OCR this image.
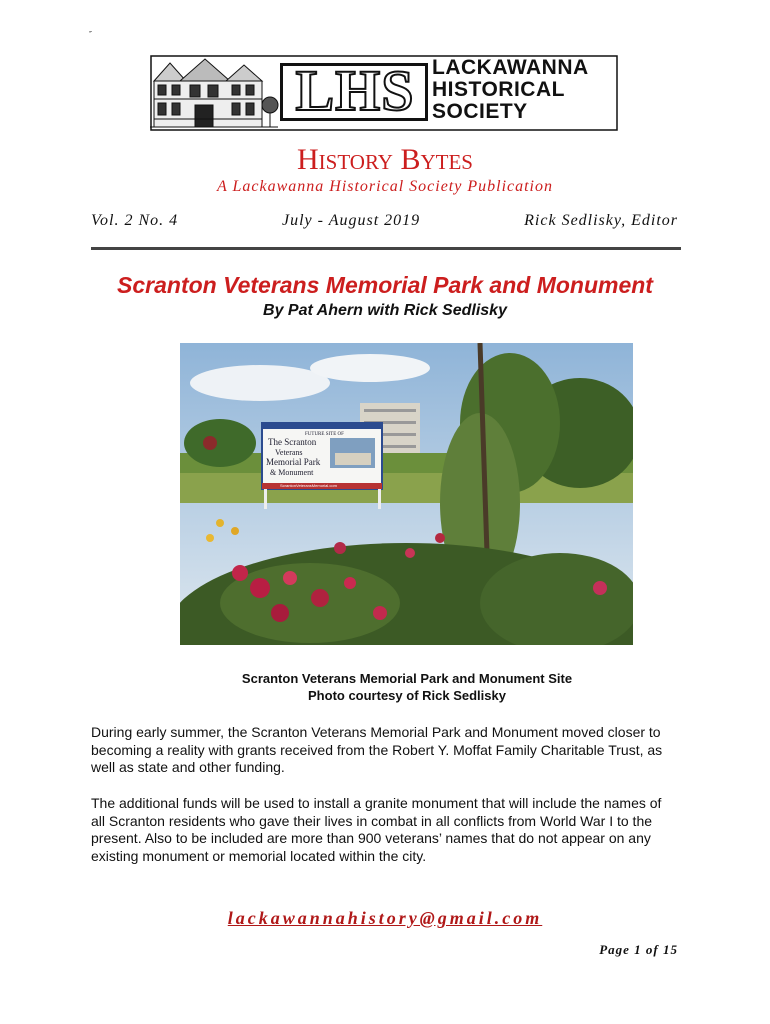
″
LHS LACKAWANNA
HISTORICAL
SOCIETY
History Bytes
A Lackawanna Historical Society Publication
Vol. 2 No. 4	July - August 2019	Rick Sedlisky, Editor
Scranton Veterans Memorial Park and Monument
By Pat Ahern with Rick Sedlisky
FUTURE SITE OF
The Scranton
Veterans
Memorial Park
& Monument
ScrantonVeteransMemorial.com
Scranton Veterans Memorial Park and Monument Site
Photo courtesy of Rick Sedlisky
During early summer, the Scranton Veterans Memorial Park and Monument moved closer to becoming a reality with grants received from the Robert Y. Moffat Family Charitable Trust, as well as state and other funding.
The additional funds will be used to install a granite monument that will include the names of all Scranton residents who gave their lives in combat in all conflicts from World War I to the present. Also to be included are more than 900 veterans’ names that do not appear on any existing monument or memorial located within the city.
lackawannahistory@gmail.com
Page 1 of 15
